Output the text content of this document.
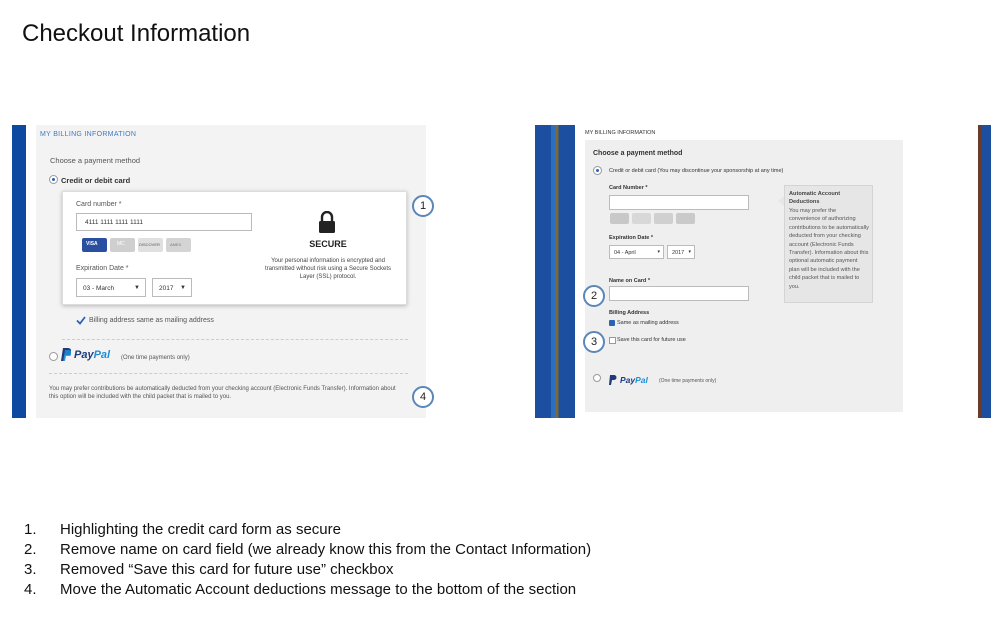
Checkout Information
MY BILLING INFORMATION
Choose a payment method
Credit or debit card
Card number *
4111 1111 1111 1111
VISA	MC	DISCOVER	AMEX
Expiration Date *
03 - March	▼	2017 ▼
SECURE
Your personal information is encrypted and transmitted without risk using a Secure Sockets Layer (SSL) protocol.
1
Billing address same as mailing address
PayPal (One time payments only)
You may prefer contributions be automatically deducted from your checking account (Electronic Funds Transfer). Information about this option will be included with the child packet that is mailed to you.	4
MY BILLING INFORMATION
Choose a payment method
Credit or debit card (You may discontinue your sponsorship at any time)
Card Number *
Expiration Date *
04 - April	▾	2017 ▾
Name on Card *
2
Billing Address
Same as mailing address
Save this card for future use
3
PayPal (One time payments only)
Automatic Account Deductions
You may prefer the convenience of authorizing contributions to be automatically deducted from your checking account (Electronic Funds Transfer). Information about this optional automatic payment plan will be included with the child packet that is mailed to you.
1. Highlighting the credit card form as secure
2. Remove name on card field (we already know this from the Contact Information)
3. Removed “Save this card for future use” checkbox
4. Move the Automatic Account deductions message to the bottom of the section
